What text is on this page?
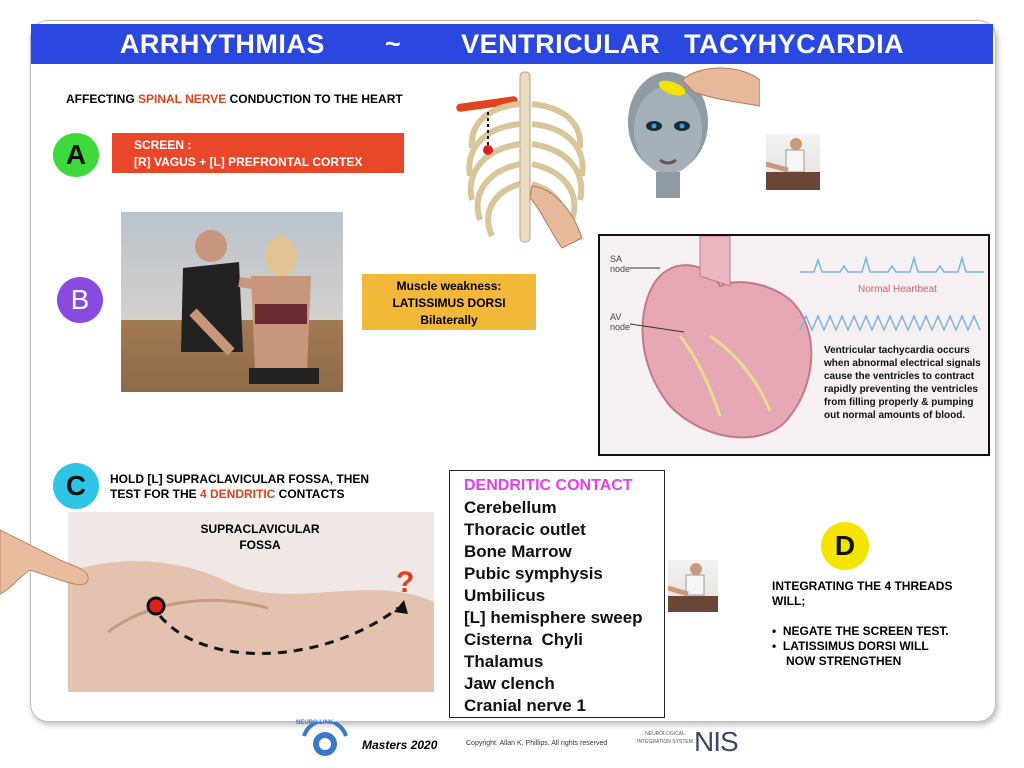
ARRHYTHMIAS ~ VENTRICULAR   TACYHYCARDIA
AFFECTING SPINAL NERVE CONDUCTION TO THE HEART
A	SCREEN :
[R] VAGUS + [L] PREFRONTAL CORTEX
B	Muscle weakness:
LATISSIMUS DORSI
Bilaterally
SA
node
AV
node
Normal Heartbeat
Ventricular tachycardia occurs when abnormal electrical signals cause the ventricles to contract rapidly preventing the ventricles from filling properly & pumping out normal amounts of blood.
C HOLD [L] SUPRACLAVICULAR FOSSA, THEN
TEST FOR THE 4 DENDRITIC CONTACTS
SUPRACLAVICULAR
FOSSA
?
DENDRITIC CONTACT
Cerebellum
Thoracic outlet
Bone Marrow
Pubic symphysis
Umbilicus
[L] hemisphere sweep
Cisterna  Chyli
Thalamus
Jaw clench
Cranial nerve 1
D
INTEGRATING THE 4 THREADS
WILL;
•  NEGATE THE SCREEN TEST.
•  LATISSIMUS DORSI WILL
NOW STRENGTHEN
NEURO LINK
Masters 2020	Copyright. Allan K. Phillips. All rights reserved
NEUROLOGICAL INTEGRATION SYSTEM NIS
